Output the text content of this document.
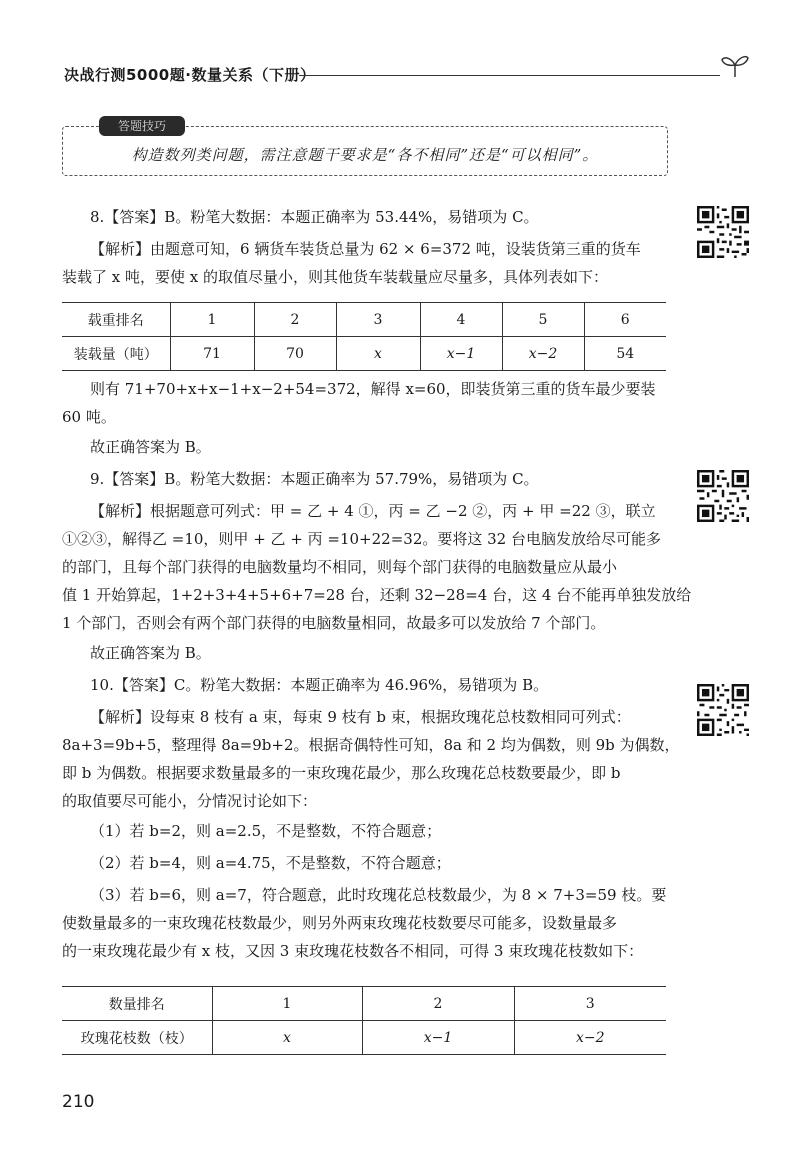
决战行测5000题·数量关系（下册）
答题技巧
构造数列类问题，需注意题干要求是“各不相同”还是“可以相同”。
8.【答案】B。粉笔大数据：本题正确率为 53.44%，易错项为 C。
【解析】由题意可知，6 辆货车装货总量为 62 × 6=372 吨，设装货第三重的货车
装载了 x 吨，要使 x 的取值尽量小，则其他货车装载量应尽量多，具体列表如下：
载重排名	1	2	3	4	5	6
装载量（吨）	71	70	x	x−1	x−2	54
则有 71+70+x+x−1+x−2+54=372，解得 x=60，即装货第三重的货车最少要装
60 吨。
故正确答案为 B。
9.【答案】B。粉笔大数据：本题正确率为 57.79%，易错项为 C。
【解析】根据题意可列式：甲 = 乙 + 4 ①，丙 = 乙 −2 ②，丙 + 甲 =22 ③，联立
①②③，解得乙 =10，则甲 + 乙 + 丙 =10+22=32。要将这 32 台电脑发放给尽可能多
的部门，且每个部门获得的电脑数量均不相同，则每个部门获得的电脑数量应从最小
值 1 开始算起，1+2+3+4+5+6+7=28 台，还剩 32−28=4 台，这 4 台不能再单独发放给
1 个部门，否则会有两个部门获得的电脑数量相同，故最多可以发放给 7 个部门。
故正确答案为 B。
10.【答案】C。粉笔大数据：本题正确率为 46.96%，易错项为 B。
【解析】设每束 8 枝有 a 束，每束 9 枝有 b 束，根据玫瑰花总枝数相同可列式：
8a+3=9b+5，整理得 8a=9b+2。根据奇偶特性可知，8a 和 2 均为偶数，则 9b 为偶数，
即 b 为偶数。根据要求数量最多的一束玫瑰花最少，那么玫瑰花总枝数要最少，即 b
的取值要尽可能小，分情况讨论如下：
（1）若 b=2，则 a=2.5，不是整数，不符合题意；
（2）若 b=4，则 a=4.75，不是整数，不符合题意；
（3）若 b=6，则 a=7，符合题意，此时玫瑰花总枝数最少，为 8 × 7+3=59 枝。要
使数量最多的一束玫瑰花枝数最少，则另外两束玫瑰花枝数要尽可能多，设数量最多
的一束玫瑰花最少有 x 枝，又因 3 束玫瑰花枝数各不相同，可得 3 束玫瑰花枝数如下：
数量排名	1	2	3
玫瑰花枝数（枝）	x	x−1	x−2
210
